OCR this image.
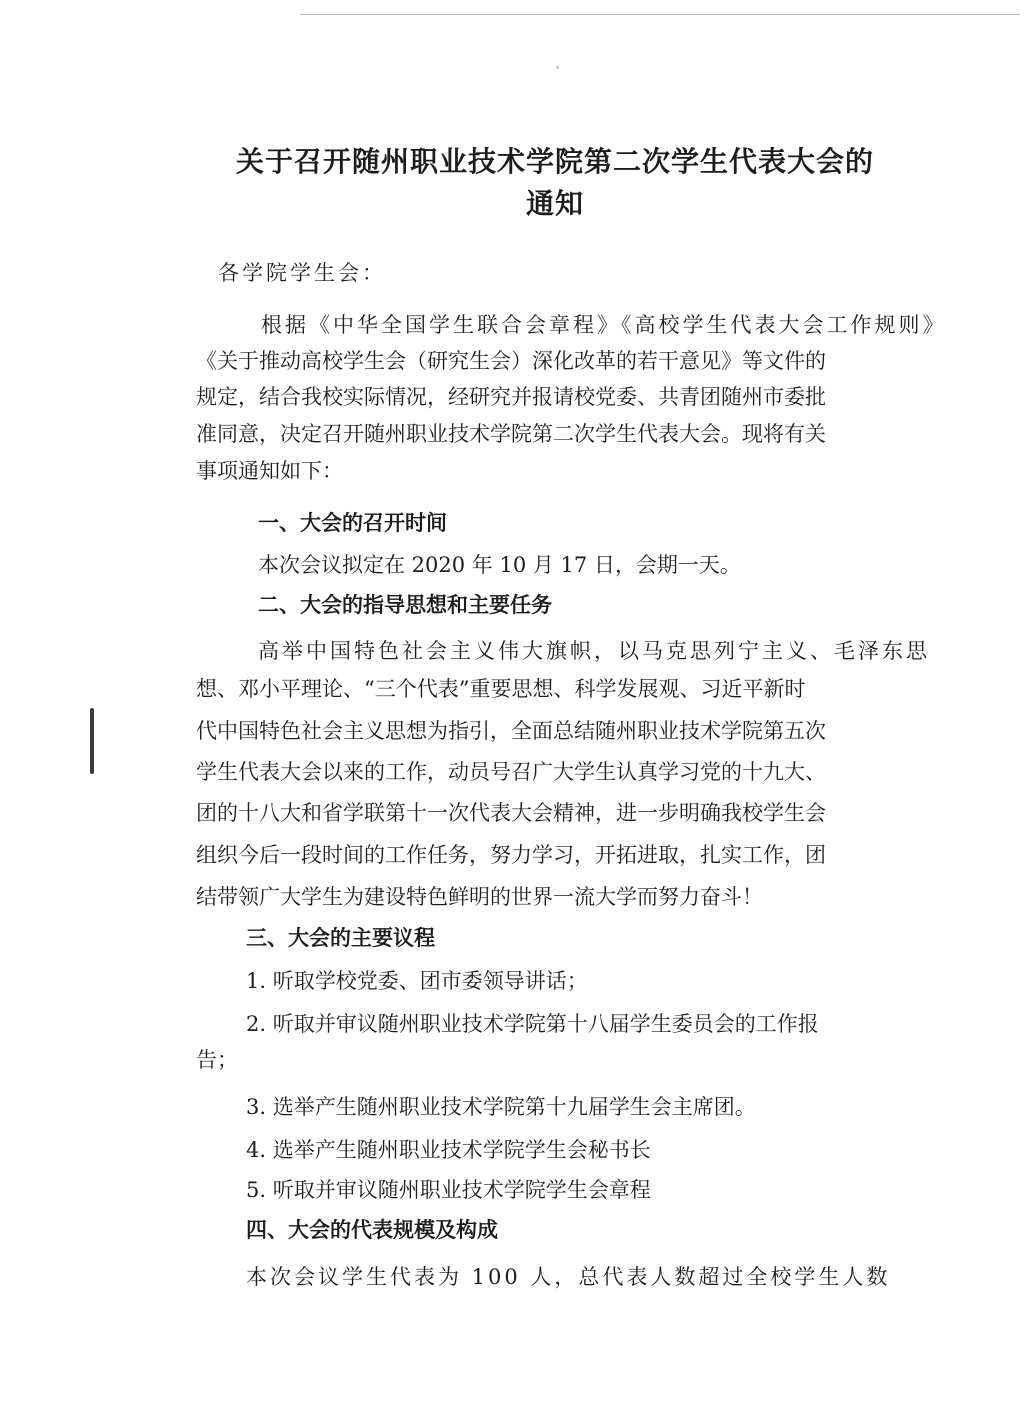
关于召开随州职业技术学院第二次学生代表大会的
通知

各学院学生会：

根据《中华全国学生联合会章程》《高校学生代表大会工作规则》

《关于推动高校学生会（研究生会）深化改革的若干意见》等文件的

规定，结合我校实际情况，经研究并报请校党委、共青团随州市委批

准同意，决定召开随州职业技术学院第二次学生代表大会。现将有关

事项通知如下：

一、大会的召开时间

本次会议拟定在 2020 年 10 月 17 日，会期一天。

二、大会的指导思想和主要任务

高举中国特色社会主义伟大旗帜，以马克思列宁主义、毛泽东思

想、邓小平理论、“三个代表”重要思想、科学发展观、习近平新时

代中国特色社会主义思想为指引，全面总结随州职业技术学院第五次

学生代表大会以来的工作，动员号召广大学生认真学习党的十九大、

团的十八大和省学联第十一次代表大会精神，进一步明确我校学生会

组织今后一段时间的工作任务，努力学习，开拓进取，扎实工作，团

结带领广大学生为建设特色鲜明的世界一流大学而努力奋斗！

三、大会的主要议程

1. 听取学校党委、团市委领导讲话；

2. 听取并审议随州职业技术学院第十八届学生委员会的工作报

告；

3. 选举产生随州职业技术学院第十九届学生会主席团。

4. 选举产生随州职业技术学院学生会秘书长

5. 听取并审议随州职业技术学院学生会章程

四、大会的代表规模及构成

本次会议学生代表为 100 人，总代表人数超过全校学生人数
